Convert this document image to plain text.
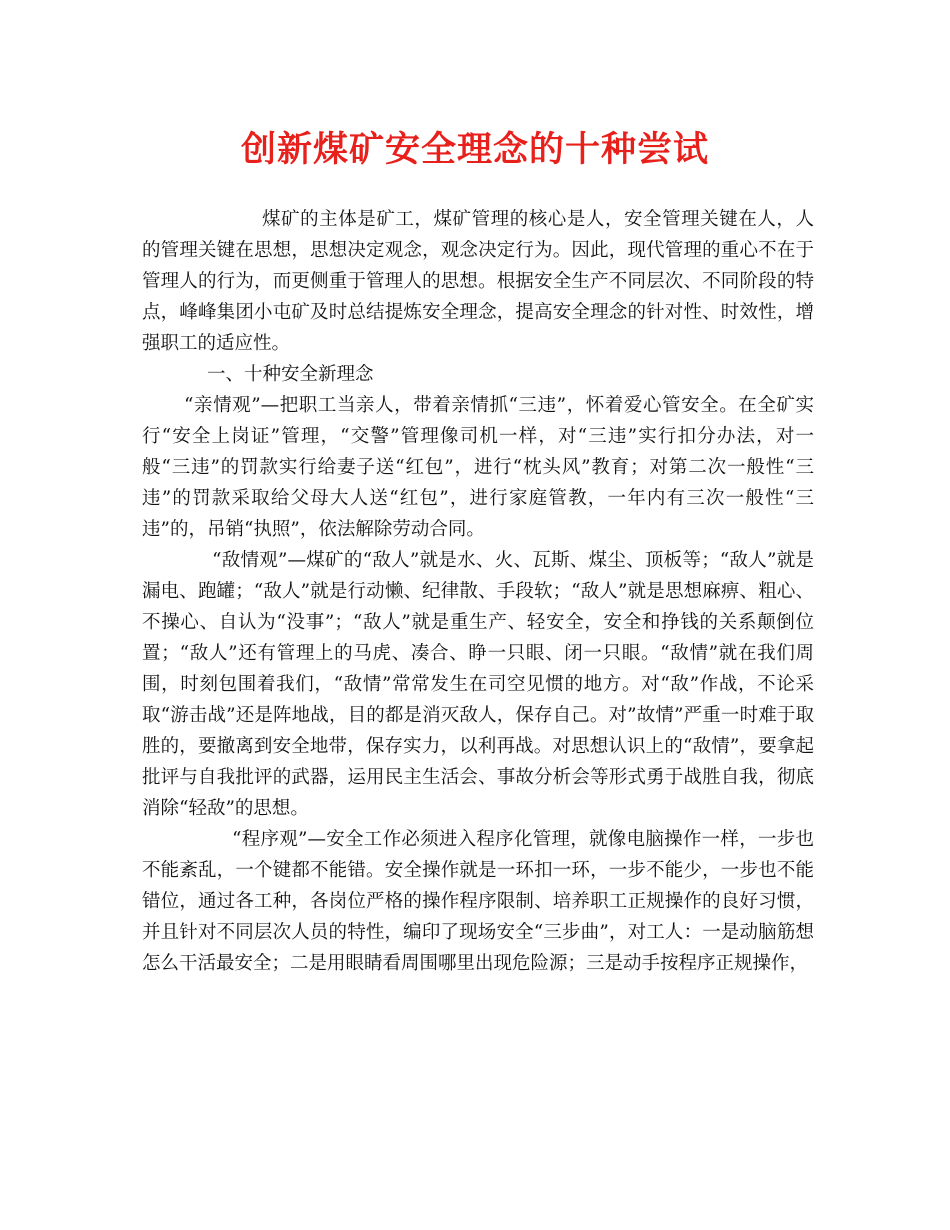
创新煤矿安全理念的十种尝试

煤矿的主体是矿工，煤矿管理的核心是人，安全管理关键在人，人的管理关键在思想，思想决定观念，观念决定行为。因此，现代管理的重心不在于管理人的行为，而更侧重于管理人的思想。根据安全生产不同层次、不同阶段的特点，峰峰集团小屯矿及时总结提炼安全理念，提高安全理念的针对性、时效性，增强职工的适应性。

一、十种安全新理念

“亲情观”—把职工当亲人，带着亲情抓“三违”，怀着爱心管安全。在全矿实行“安全上岗证”管理，“交警”管理像司机一样，对“三违”实行扣分办法，对一般“三违”的罚款实行给妻子送“红包”，进行“枕头风”教育；对第二次一般性“三违”的罚款采取给父母大人送“红包”，进行家庭管教，一年内有三次一般性“三违”的，吊销“执照”，依法解除劳动合同。

“敌情观”—煤矿的“敌人”就是水、火、瓦斯、煤尘、顶板等；“敌人”就是漏电、跑罐；“敌人”就是行动懒、纪律散、手段软；“敌人”就是思想麻痹、粗心、不操心、自认为“没事”；“敌人”就是重生产、轻安全，安全和挣钱的关系颠倒位置；“敌人”还有管理上的马虎、凑合、睁一只眼、闭一只眼。“敌情”就在我们周围，时刻包围着我们，“敌情”常常发生在司空见惯的地方。对“敌”作战，不论采取“游击战”还是阵地战，目的都是消灭敌人，保存自己。对”故情”严重一时难于取胜的，要撤离到安全地带，保存实力，以利再战。对思想认识上的“敌情”，要拿起批评与自我批评的武器，运用民主生活会、事故分析会等形式勇于战胜自我，彻底消除“轻敌”的思想。

“程序观”—安全工作必须进入程序化管理，就像电脑操作一样，一步也不能紊乱，一个键都不能错。安全操作就是一环扣一环，一步不能少，一步也不能错位，通过各工种，各岗位严格的操作程序限制、培养职工正规操作的良好习惯，并且针对不同层次人员的特性，编印了现场安全“三步曲”，对工人：一是动脑筋想怎么干活最安全；二是用眼睛看周围哪里出现危险源；三是动手按程序正规操作，
